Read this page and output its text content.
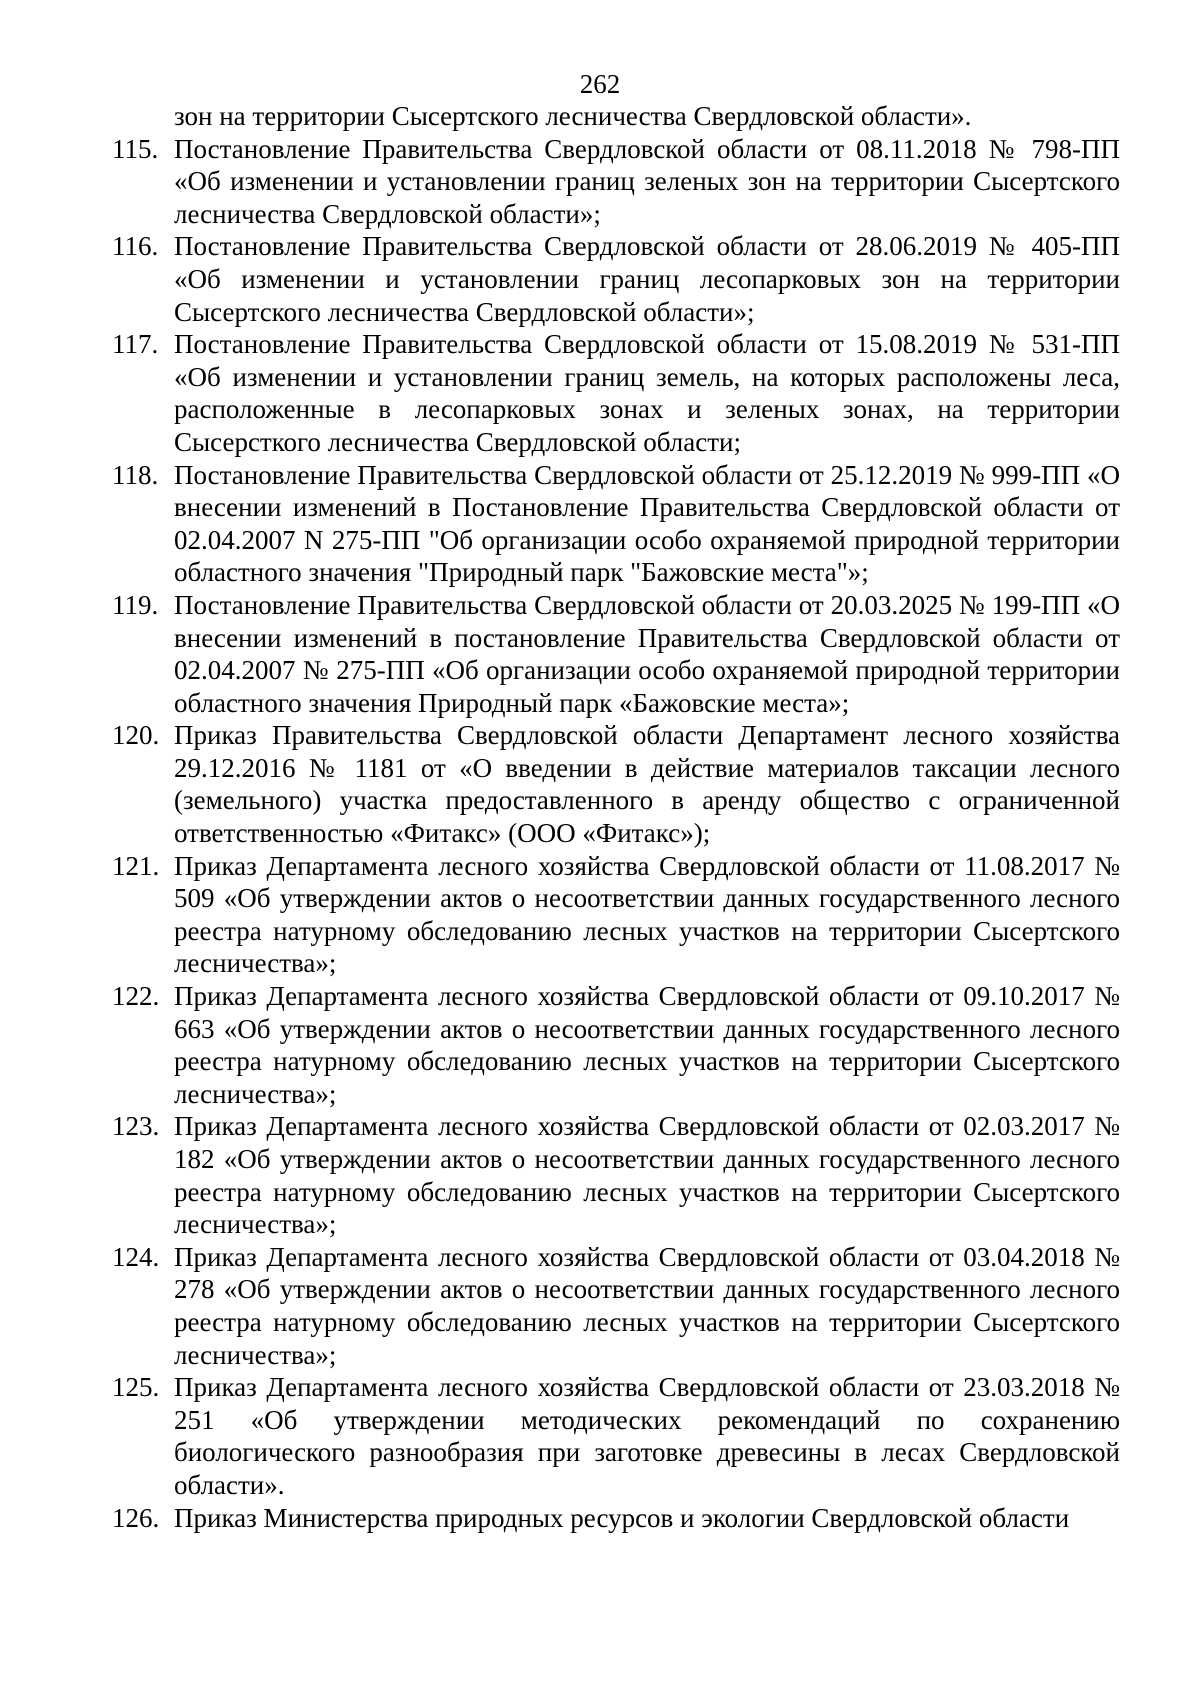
262
зон на территории Сысертского лесничества Свердловской области».
115. Постановление Правительства Свердловской области от 08.11.2018 № 798-ПП «Об изменении и установлении границ зеленых зон на территории Сысертского лесничества Свердловской области»;
116. Постановление Правительства Свердловской области от 28.06.2019 № 405-ПП «Об изменении и установлении границ лесопарковых зон на территории Сысертского лесничества Свердловской области»;
117. Постановление Правительства Свердловской области от 15.08.2019 № 531-ПП «Об изменении и установлении границ земель, на которых расположены леса, расположенные в лесопарковых зонах и зеленых зонах, на территории Сысерсткого лесничества Свердловской области;
118. Постановление Правительства Свердловской области от 25.12.2019 № 999-ПП «О внесении изменений в Постановление Правительства Свердловской области от 02.04.2007 N 275-ПП "Об организации особо охраняемой природной территории областного значения "Природный парк "Бажовские места"»;
119. Постановление Правительства Свердловской области от 20.03.2025 № 199-ПП «О внесении изменений в постановление Правительства Свердловской области от 02.04.2007 № 275-ПП «Об организации особо охраняемой природной территории областного значения Природный парк «Бажовские места»;
120. Приказ Правительства Свердловской области Департамент лесного хозяйства 29.12.2016 № 1181 от «О введении в действие материалов таксации лесного (земельного) участка предоставленного в аренду общество с ограниченной ответственностью «Фитакс» (ООО «Фитакс»);
121. Приказ Департамента лесного хозяйства Свердловской области от 11.08.2017 № 509 «Об утверждении актов о несоответствии данных государственного лесного реестра натурному обследованию лесных участков на территории Сысертского лесничества»;
122. Приказ Департамента лесного хозяйства Свердловской области от 09.10.2017 № 663 «Об утверждении актов о несоответствии данных государственного лесного реестра натурному обследованию лесных участков на территории Сысертского лесничества»;
123. Приказ Департамента лесного хозяйства Свердловской области от 02.03.2017 № 182 «Об утверждении актов о несоответствии данных государственного лесного реестра натурному обследованию лесных участков на территории Сысертского лесничества»;
124. Приказ Департамента лесного хозяйства Свердловской области от 03.04.2018 № 278 «Об утверждении актов о несоответствии данных государственного лесного реестра натурному обследованию лесных участков на территории Сысертского лесничества»;
125. Приказ Департамента лесного хозяйства Свердловской области от 23.03.2018 № 251 «Об утверждении методических рекомендаций по сохранению биологического разнообразия при заготовке древесины в лесах Свердловской области».
126. Приказ Министерства природных ресурсов и экологии Свердловской области
